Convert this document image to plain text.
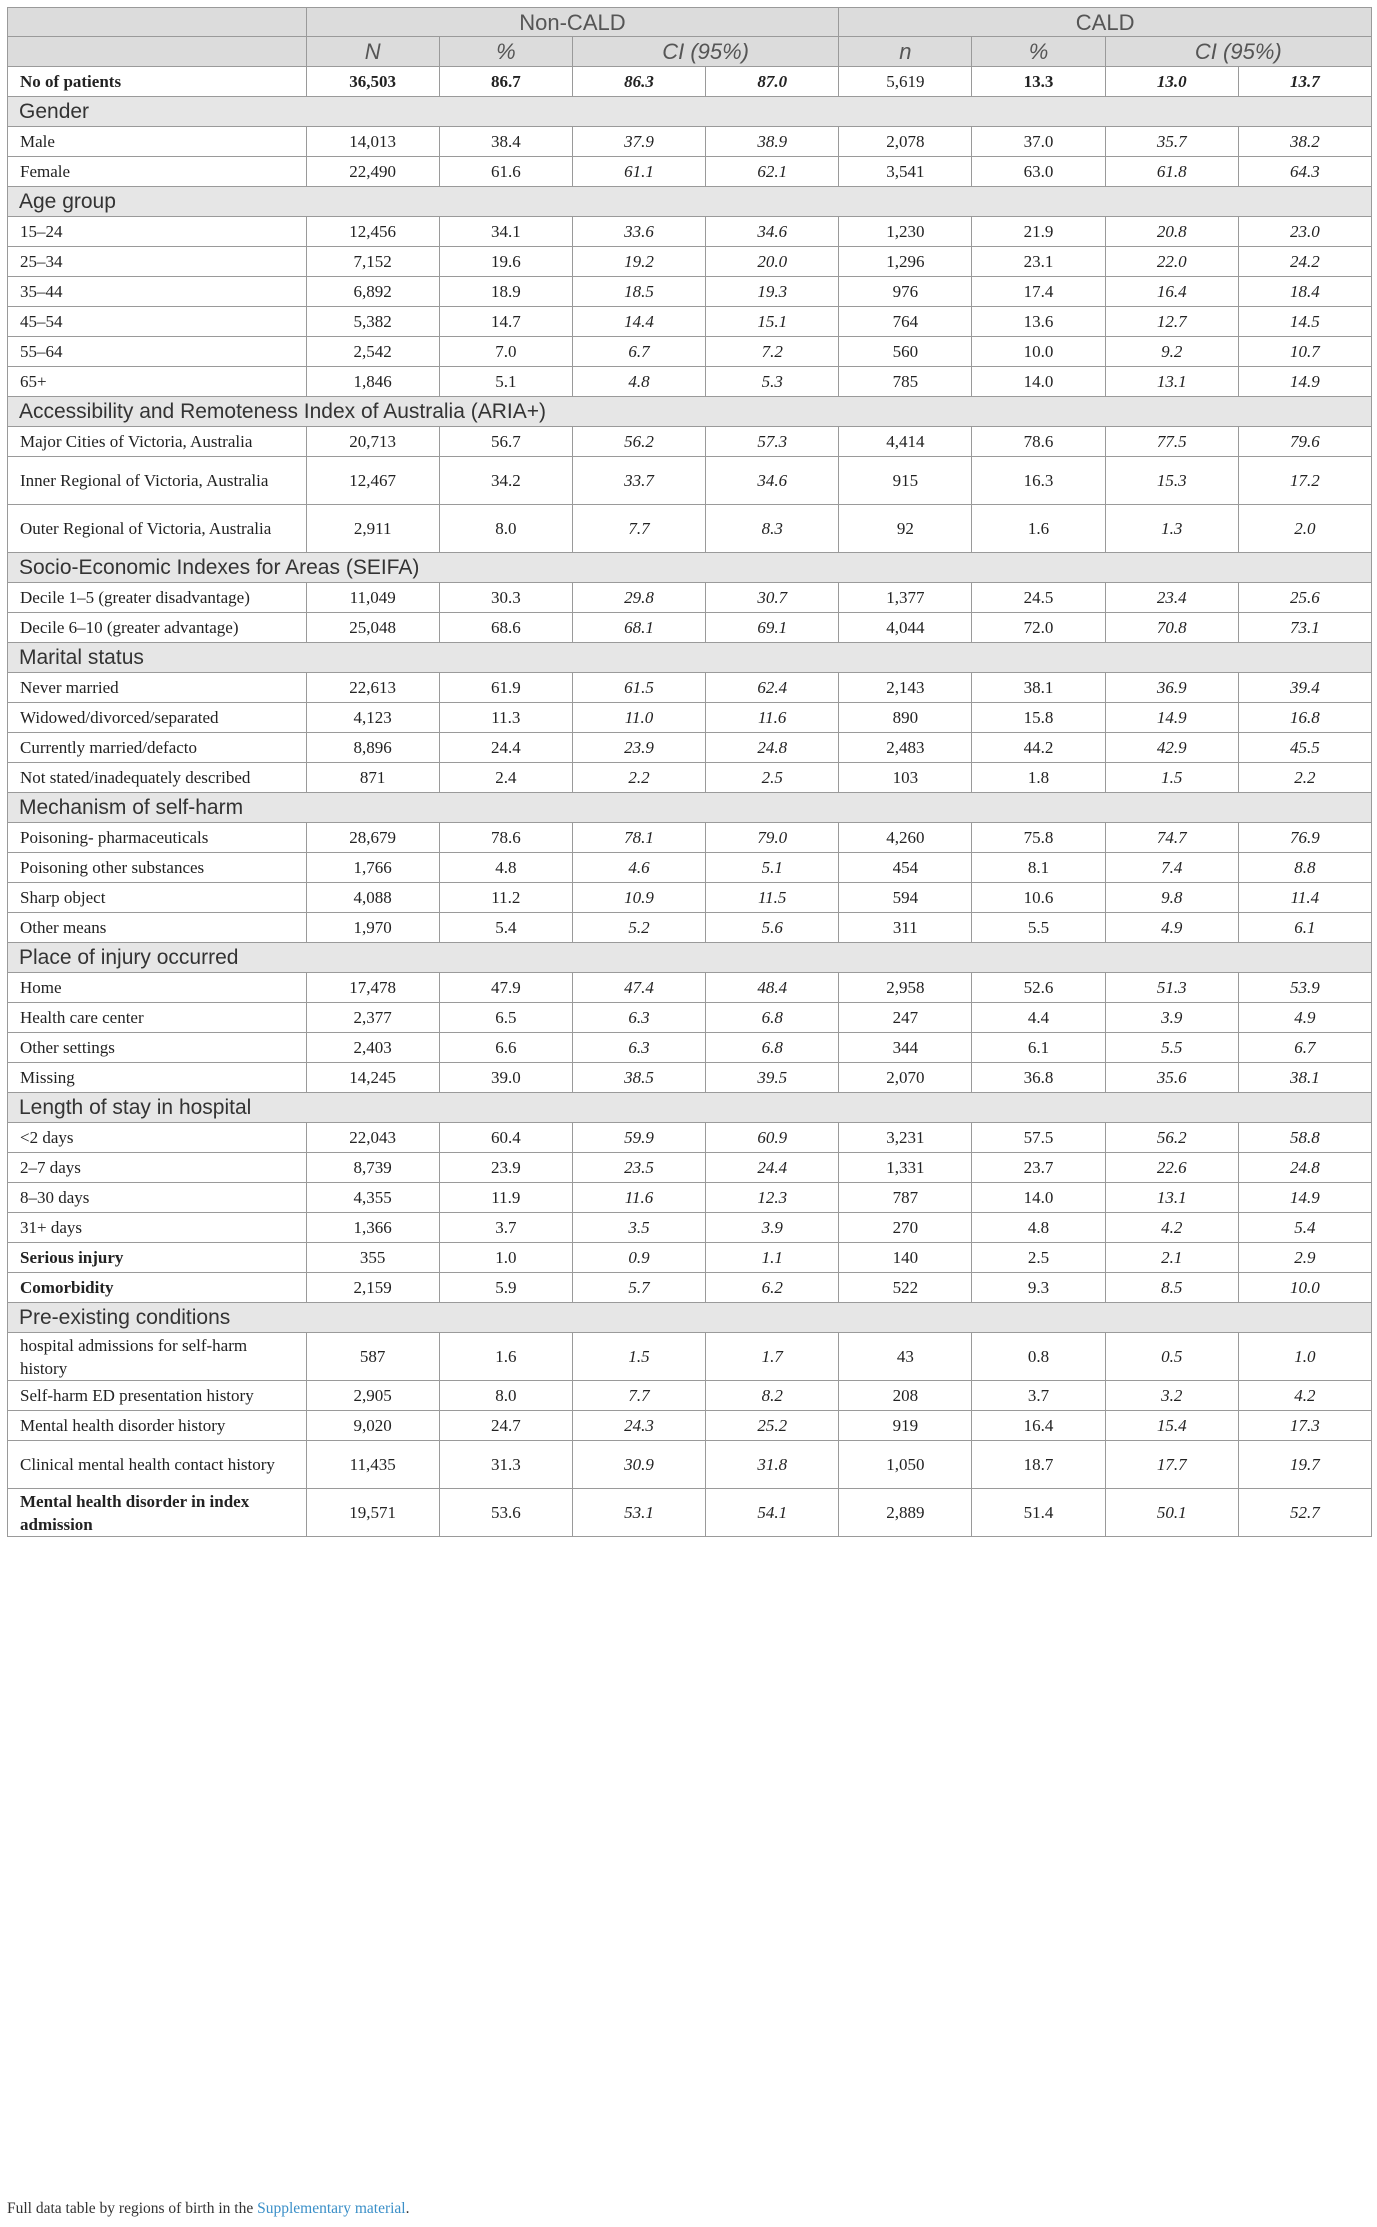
	Non-CALD				CALD			
	N	%	CI (95%)		n	%	CI (95%)	
No of patients	36,503	86.7	86.3	87.0	5,619	13.3	13.0	13.7
Gender								
Male	14,013	38.4	37.9	38.9	2,078	37.0	35.7	38.2
Female	22,490	61.6	61.1	62.1	3,541	63.0	61.8	64.3
Age group								
15–24	12,456	34.1	33.6	34.6	1,230	21.9	20.8	23.0
25–34	7,152	19.6	19.2	20.0	1,296	23.1	22.0	24.2
35–44	6,892	18.9	18.5	19.3	976	17.4	16.4	18.4
45–54	5,382	14.7	14.4	15.1	764	13.6	12.7	14.5
55–64	2,542	7.0	6.7	7.2	560	10.0	9.2	10.7
65+	1,846	5.1	4.8	5.3	785	14.0	13.1	14.9
Accessibility and Remoteness Index of Australia (ARIA+)								
Major Cities of Victoria, Australia	20,713	56.7	56.2	57.3	4,414	78.6	77.5	79.6
Inner Regional of Victoria, Australia	12,467	34.2	33.7	34.6	915	16.3	15.3	17.2
Outer Regional of Victoria, Australia	2,911	8.0	7.7	8.3	92	1.6	1.3	2.0
Socio-Economic Indexes for Areas (SEIFA)								
Decile 1–5 (greater disadvantage)	11,049	30.3	29.8	30.7	1,377	24.5	23.4	25.6
Decile 6–10 (greater advantage)	25,048	68.6	68.1	69.1	4,044	72.0	70.8	73.1
Marital status								
Never married	22,613	61.9	61.5	62.4	2,143	38.1	36.9	39.4
Widowed/divorced/separated	4,123	11.3	11.0	11.6	890	15.8	14.9	16.8
Currently married/defacto	8,896	24.4	23.9	24.8	2,483	44.2	42.9	45.5
Not stated/inadequately described	871	2.4	2.2	2.5	103	1.8	1.5	2.2
Mechanism of self-harm								
Poisoning- pharmaceuticals	28,679	78.6	78.1	79.0	4,260	75.8	74.7	76.9
Poisoning other substances	1,766	4.8	4.6	5.1	454	8.1	7.4	8.8
Sharp object	4,088	11.2	10.9	11.5	594	10.6	9.8	11.4
Other means	1,970	5.4	5.2	5.6	311	5.5	4.9	6.1
Place of injury occurred								
Home	17,478	47.9	47.4	48.4	2,958	52.6	51.3	53.9
Health care center	2,377	6.5	6.3	6.8	247	4.4	3.9	4.9
Other settings	2,403	6.6	6.3	6.8	344	6.1	5.5	6.7
Missing	14,245	39.0	38.5	39.5	2,070	36.8	35.6	38.1
Length of stay in hospital								
<2 days	22,043	60.4	59.9	60.9	3,231	57.5	56.2	58.8
2–7 days	8,739	23.9	23.5	24.4	1,331	23.7	22.6	24.8
8–30 days	4,355	11.9	11.6	12.3	787	14.0	13.1	14.9
31+ days	1,366	3.7	3.5	3.9	270	4.8	4.2	5.4
Serious injury	355	1.0	0.9	1.1	140	2.5	2.1	2.9
Comorbidity	2,159	5.9	5.7	6.2	522	9.3	8.5	10.0
Pre-existing conditions								
hospital admissions for self-harm history	587	1.6	1.5	1.7	43	0.8	0.5	1.0
Self-harm ED presentation history	2,905	8.0	7.7	8.2	208	3.7	3.2	4.2
Mental health disorder history	9,020	24.7	24.3	25.2	919	16.4	15.4	17.3
Clinical mental health contact history	11,435	31.3	30.9	31.8	1,050	18.7	17.7	19.7
Mental health disorder in index admission	19,571	53.6	53.1	54.1	2,889	51.4	50.1	52.7
Full data table by regions of birth in the Supplementary material.
